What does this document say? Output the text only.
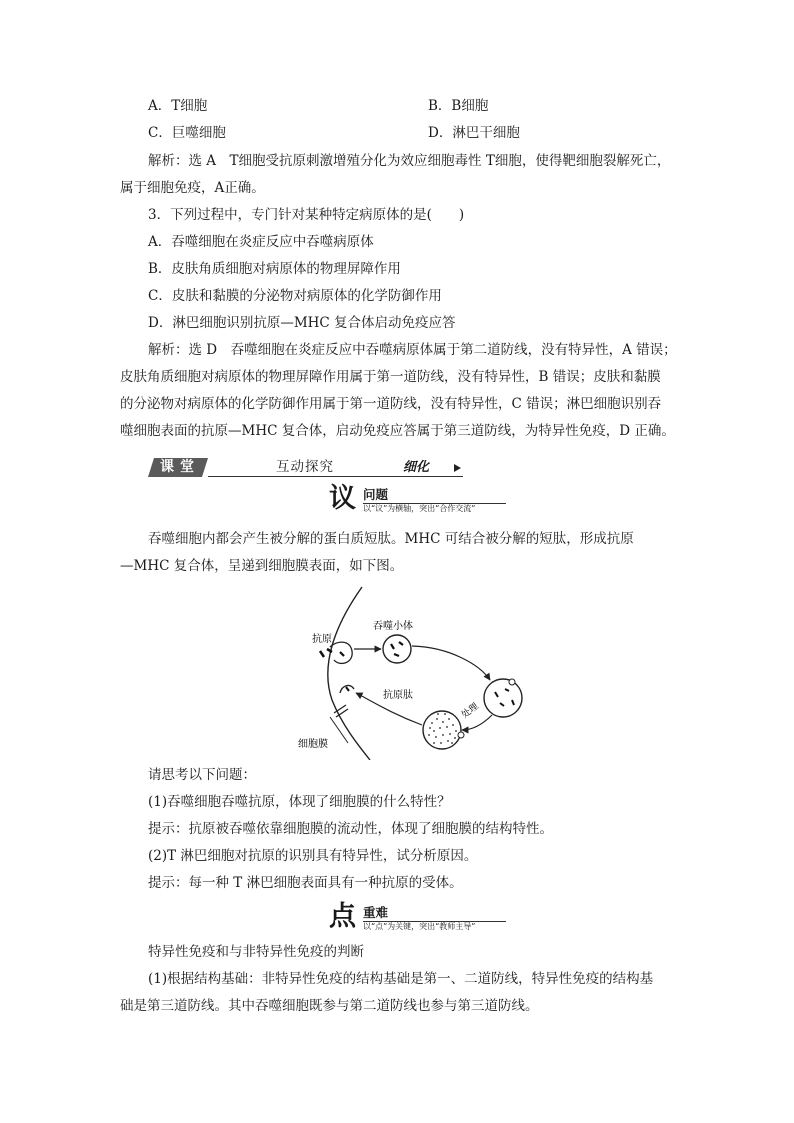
A．T细胞	B．B细胞
C．巨噬细胞	D．淋巴干细胞
解析：选 A　T细胞受抗原刺激增殖分化为效应细胞毒性 T细胞，使得靶细胞裂解死亡，
属于细胞免疫，A正确。
3．下列过程中，专门针对某种特定病原体的是(　　)
A．吞噬细胞在炎症反应中吞噬病原体
B．皮肤角质细胞对病原体的物理屏障作用
C．皮肤和黏膜的分泌物对病原体的化学防御作用
D．淋巴细胞识别抗原—MHC 复合体启动免疫应答
解析：选 D　吞噬细胞在炎症反应中吞噬病原体属于第二道防线，没有特异性，A 错误；
皮肤角质细胞对病原体的物理屏障作用属于第一道防线，没有特异性，B 错误；皮肤和黏膜
的分泌物对病原体的化学防御作用属于第一道防线，没有特异性，C 错误；淋巴细胞识别吞
噬细胞表面的抗原—MHC 复合体，启动免疫应答属于第三道防线，为特异性免疫，D 正确。
课堂	互动探究	细化
议 问题
以“议”为横轴，突出“合作交流”
吞噬细胞内都会产生被分解的蛋白质短肽。MHC 可结合被分解的短肽，形成抗原
—MHC 复合体，呈递到细胞膜表面，如下图。
抗原
吞噬小体
抗原肽
处理
细胞膜
请思考以下问题：
(1)吞噬细胞吞噬抗原，体现了细胞膜的什么特性？
提示：抗原被吞噬依靠细胞膜的流动性，体现了细胞膜的结构特性。
(2)T 淋巴细胞对抗原的识别具有特异性，试分析原因。
提示：每一种 T 淋巴细胞表面具有一种抗原的受体。
点 重难
以“点”为关键，突出“教师主导”
特异性免疫和与非特异性免疫的判断
(1)根据结构基础：非特异性免疫的结构基础是第一、二道防线，特异性免疫的结构基
础是第三道防线。其中吞噬细胞既参与第二道防线也参与第三道防线。
